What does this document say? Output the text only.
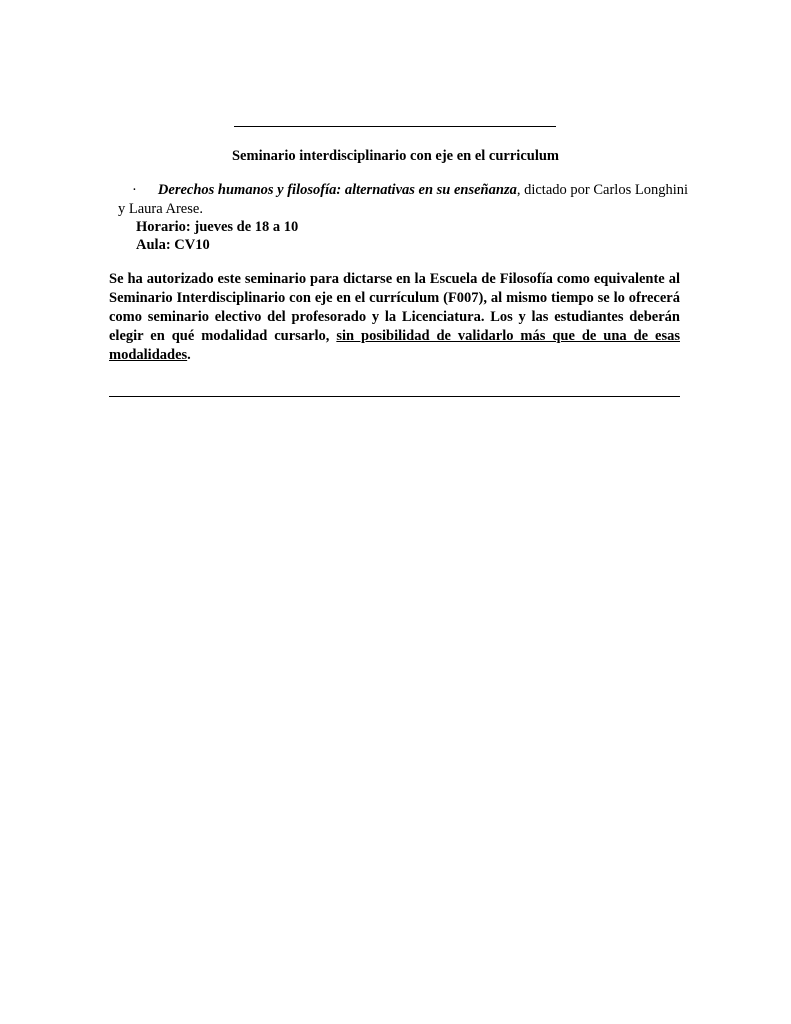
Seminario interdisciplinario con eje en el curriculum
·	Derechos humanos y filosofía: alternativas en su enseñanza , dictado por Carlos Longhini
y Laura Arese.
Horario: jueves de 18 a 10
Aula: CV10
Se ha autorizado este seminario para dictarse en la Escuela de Filosofía como equivalente al Seminario Interdisciplinario con eje en el currículum (F007), al mismo tiempo se lo ofrecerá como seminario electivo del profesorado y la Licenciatura. Los y las estudiantes deberán elegir en qué modalidad cursarlo, sin posibilidad de validarlo más que de una de esas modalidades.
